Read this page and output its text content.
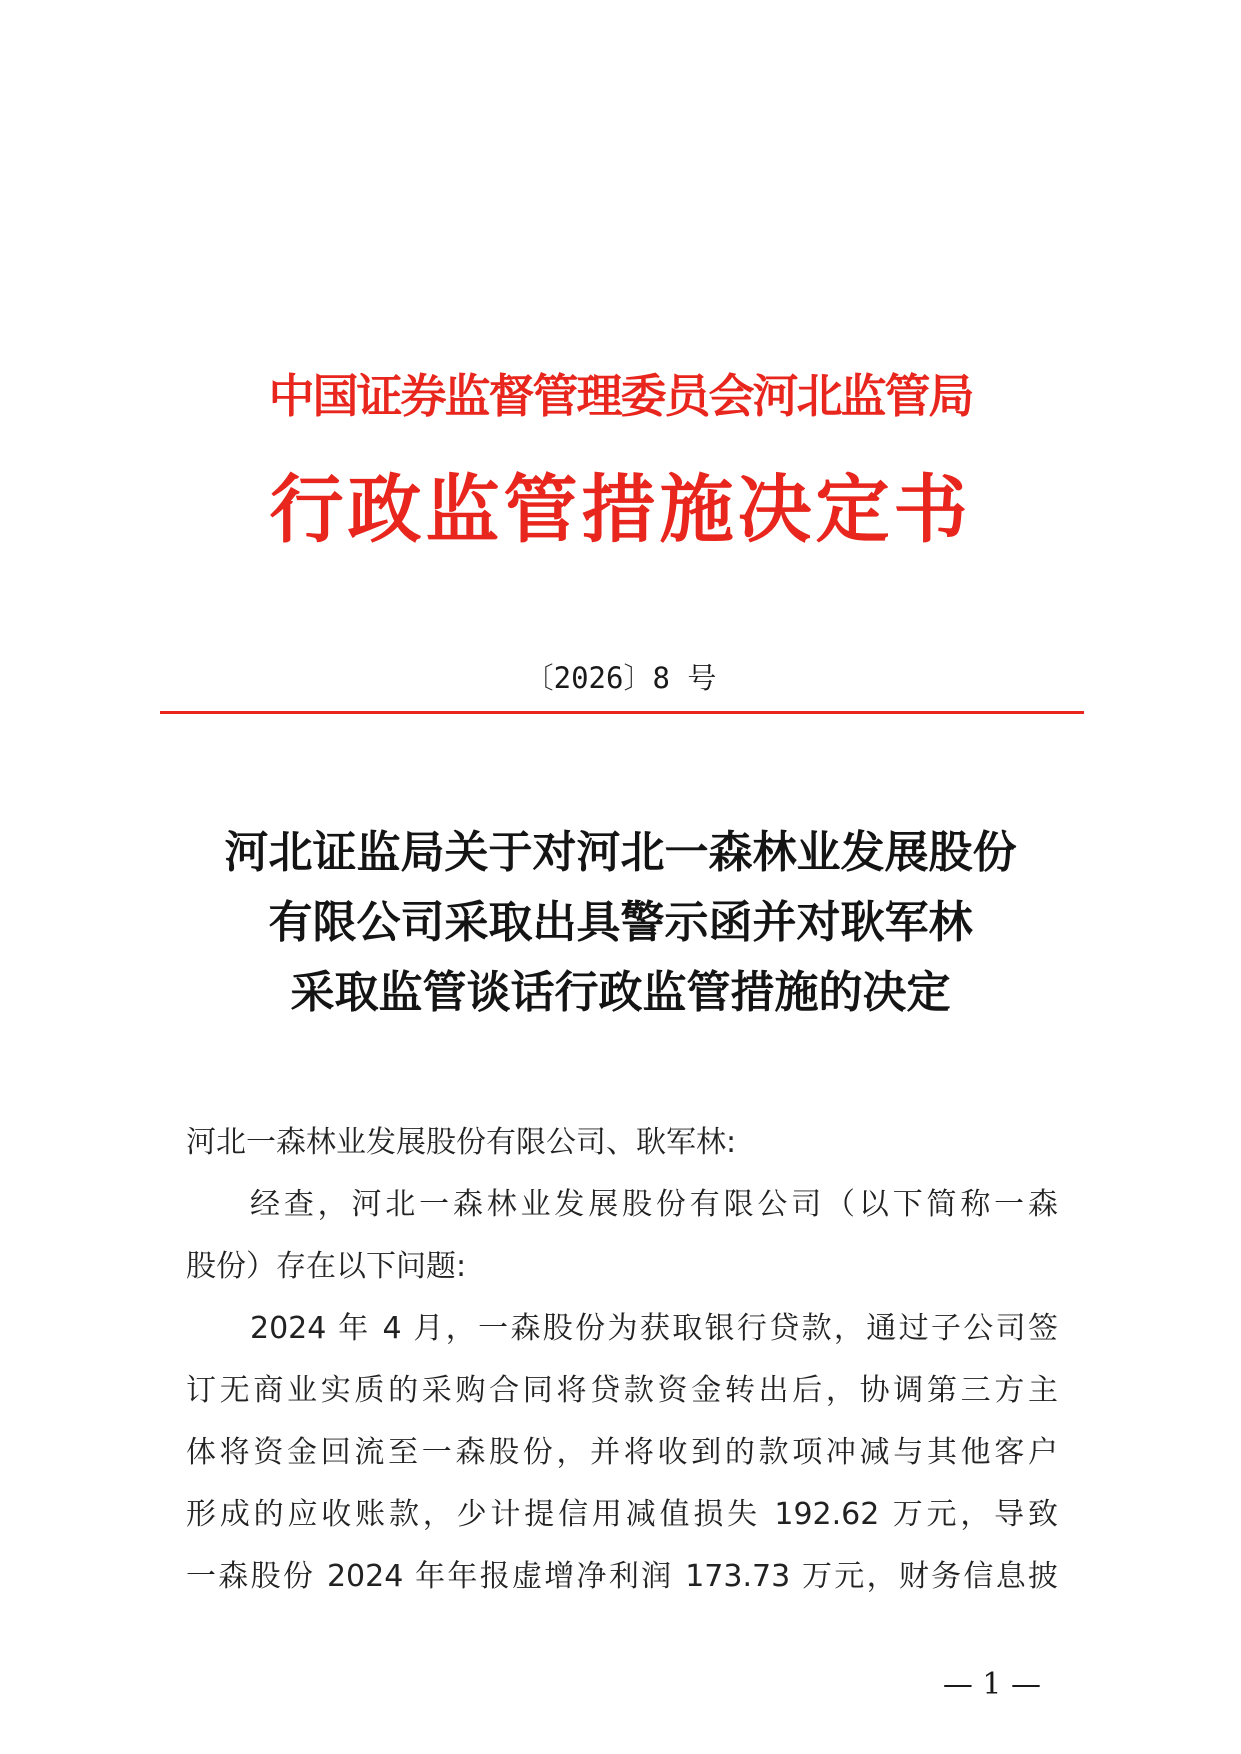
中国证券监督管理委员会河北监管局
行政监管措施决定书
〔2026〕8 号
河北证监局关于对河北一森林业发展股份
有限公司采取出具警示函并对耿军林
采取监管谈话行政监管措施的决定
河北一森林业发展股份有限公司、耿军林:
经查，河北一森林业发展股份有限公司（以下简称一森
股份）存在以下问题:
2024 年 4 月，一森股份为获取银行贷款，通过子公司签
订无商业实质的采购合同将贷款资金转出后，协调第三方主
体将资金回流至一森股份，并将收到的款项冲减与其他客户
形成的应收账款，少计提信用减值损失 192.62 万元，导致
一森股份 2024 年年报虚增净利润 173.73 万元，财务信息披
— 1 —
